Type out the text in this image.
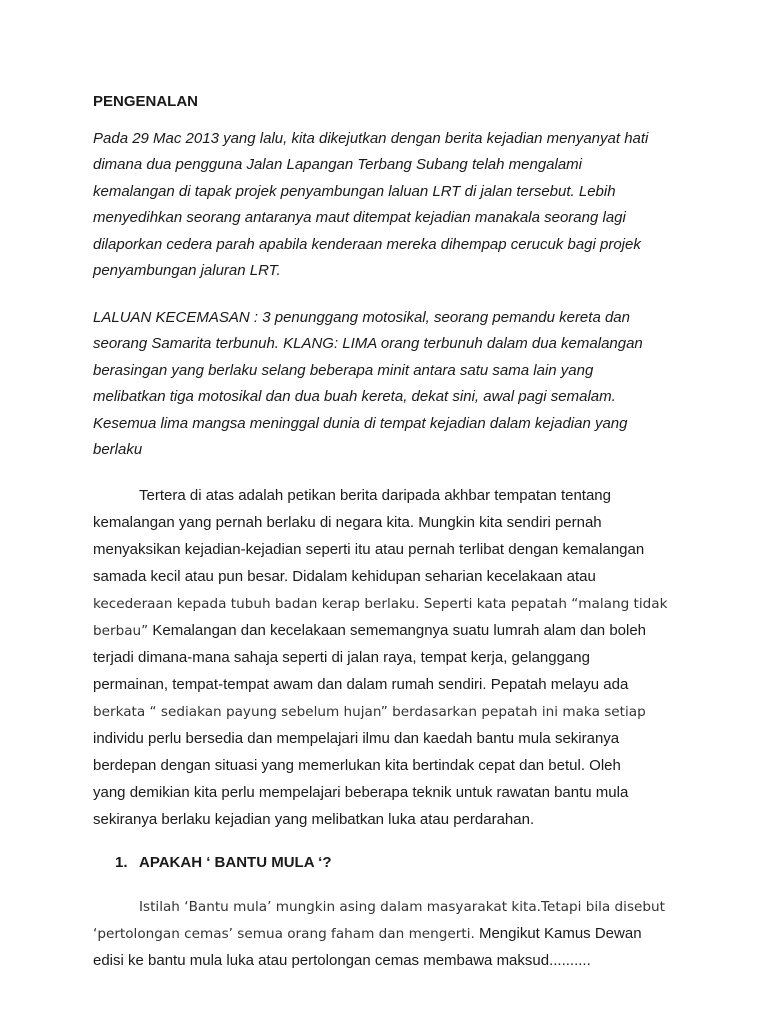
PENGENALAN
Pada 29 Mac 2013 yang lalu, kita dikejutkan dengan berita kejadian menyanyat hati
dimana dua pengguna Jalan Lapangan Terbang Subang telah mengalami
kemalangan di tapak projek penyambungan laluan LRT di jalan tersebut. Lebih
menyedihkan seorang antaranya maut ditempat kejadian manakala seorang lagi
dilaporkan cedera parah apabila kenderaan mereka dihempap cerucuk bagi projek
penyambungan jaluran LRT.
LALUAN KECEMASAN : 3 penunggang motosikal, seorang pemandu kereta dan
seorang Samarita terbunuh. KLANG: LIMA orang terbunuh dalam dua kemalangan
berasingan yang berlaku selang beberapa minit antara satu sama lain yang
melibatkan tiga motosikal dan dua buah kereta, dekat sini, awal pagi semalam.
Kesemua lima mangsa meninggal dunia di tempat kejadian dalam kejadian yang
berlaku
Tertera di atas adalah petikan berita daripada akhbar tempatan tentang
kemalangan yang pernah berlaku di negara kita. Mungkin kita sendiri pernah
menyaksikan kejadian-kejadian seperti itu atau pernah terlibat dengan kemalangan
samada kecil atau pun besar. Didalam kehidupan seharian kecelakaan atau
kecederaan kepada tubuh badan kerap berlaku. Seperti kata pepatah “malang tidak
berbau” Kemalangan dan kecelakaan sememangnya suatu lumrah alam dan boleh
terjadi dimana-mana sahaja seperti di jalan raya, tempat kerja, gelanggang
permainan, tempat-tempat awam dan dalam rumah sendiri. Pepatah melayu ada
berkata “ sediakan payung sebelum hujan” berdasarkan pepatah ini maka setiap
individu perlu bersedia dan mempelajari ilmu dan kaedah bantu mula sekiranya
berdepan dengan situasi yang memerlukan kita bertindak cepat dan betul. Oleh
yang demikian kita perlu mempelajari beberapa teknik untuk rawatan bantu mula
sekiranya berlaku kejadian yang melibatkan luka atau perdarahan.
1. APAKAH ‘ BANTU MULA ‘?
Istilah ‘Bantu mula’ mungkin asing dalam masyarakat kita.Tetapi bila disebut
‘pertolongan cemas’ semua orang faham dan mengerti. Mengikut Kamus Dewan
edisi ke bantu mula luka atau pertolongan cemas membawa maksud..........
